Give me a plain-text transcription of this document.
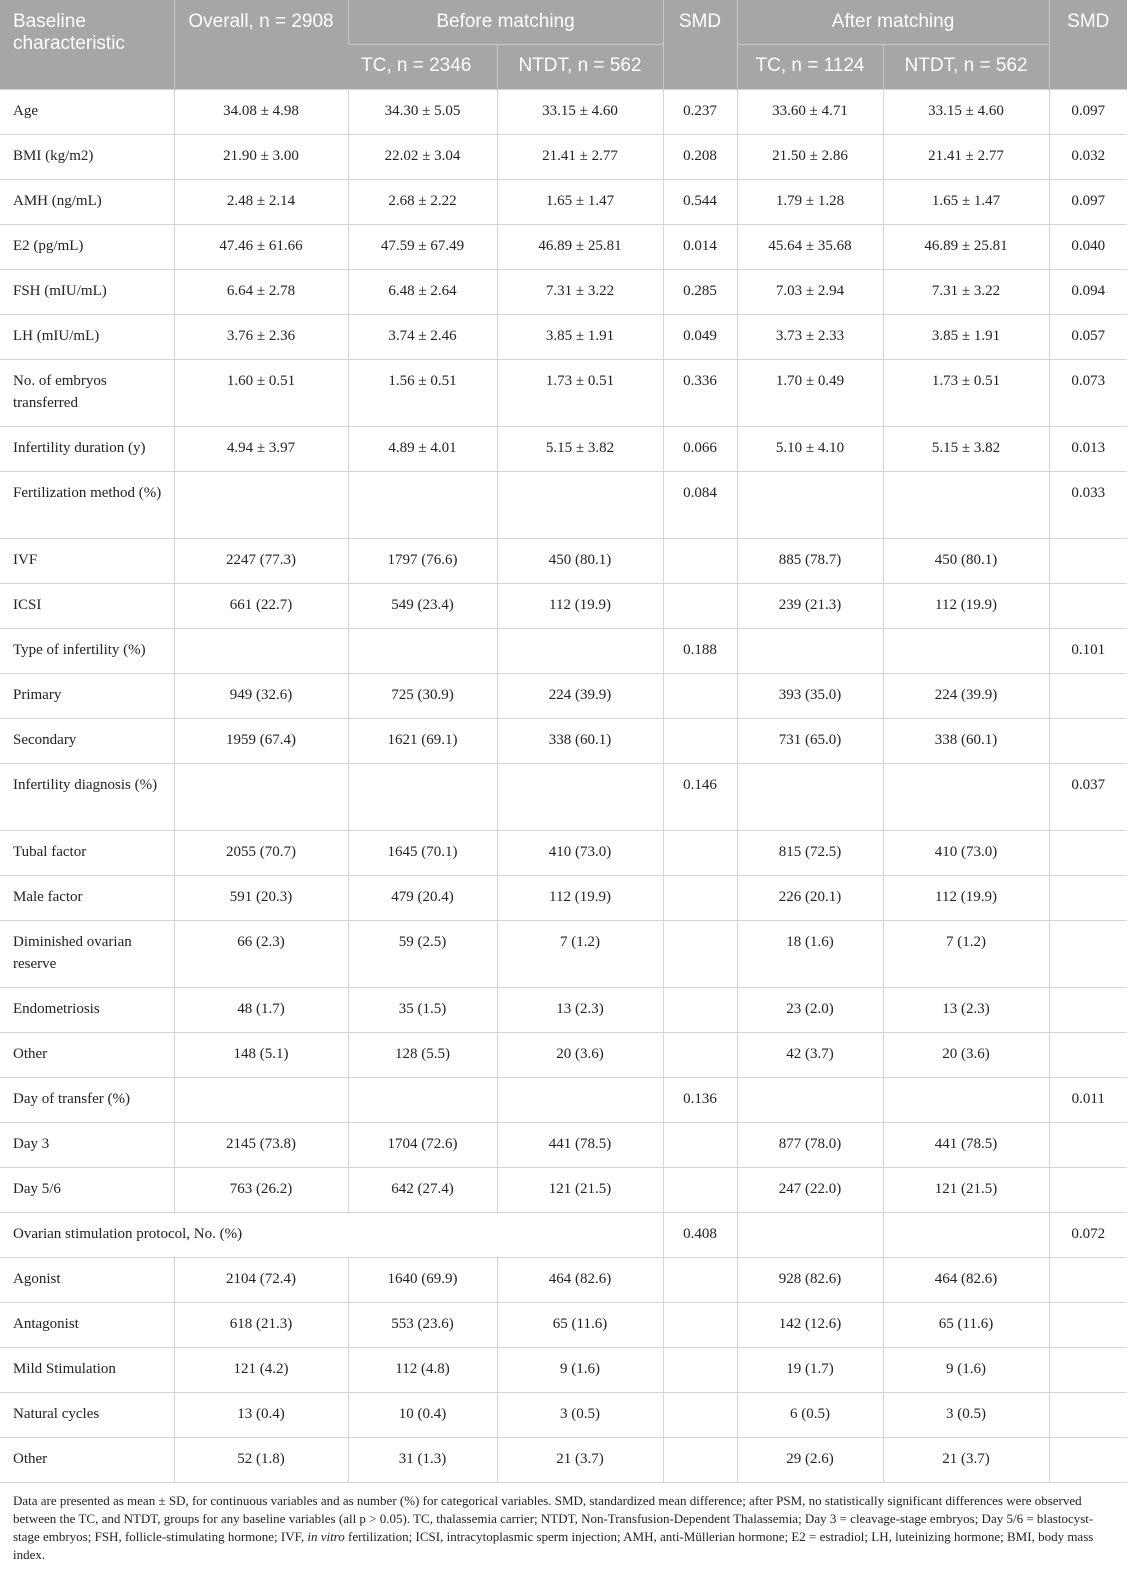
Baseline characteristic	Overall, n = 2908	Before matching		SMD	After matching		SMD
		TC, n = 2346	NTDT, n = 562		TC, n = 1124	NTDT, n = 562	
Age	34.08 ± 4.98	34.30 ± 5.05	33.15 ± 4.60	0.237	33.60 ± 4.71	33.15 ± 4.60	0.097
BMI (kg/m2)	21.90 ± 3.00	22.02 ± 3.04	21.41 ± 2.77	0.208	21.50 ± 2.86	21.41 ± 2.77	0.032
AMH (ng/mL)	2.48 ± 2.14	2.68 ± 2.22	1.65 ± 1.47	0.544	1.79 ± 1.28	1.65 ± 1.47	0.097
E2 (pg/mL)	47.46 ± 61.66	47.59 ± 67.49	46.89 ± 25.81	0.014	45.64 ± 35.68	46.89 ± 25.81	0.040
FSH (mIU/mL)	6.64 ± 2.78	6.48 ± 2.64	7.31 ± 3.22	0.285	7.03 ± 2.94	7.31 ± 3.22	0.094
LH (mIU/mL)	3.76 ± 2.36	3.74 ± 2.46	3.85 ± 1.91	0.049	3.73 ± 2.33	3.85 ± 1.91	0.057
No. of embryos transferred	1.60 ± 0.51	1.56 ± 0.51	1.73 ± 0.51	0.336	1.70 ± 0.49	1.73 ± 0.51	0.073
Infertility duration (y)	4.94 ± 3.97	4.89 ± 4.01	5.15 ± 3.82	0.066	5.10 ± 4.10	5.15 ± 3.82	0.013
Fertilization method (%)				0.084			0.033
IVF	2247 (77.3)	1797 (76.6)	450 (80.1)		885 (78.7)	450 (80.1)	
ICSI	661 (22.7)	549 (23.4)	112 (19.9)		239 (21.3)	112 (19.9)	
Type of infertility (%)				0.188			0.101
Primary	949 (32.6)	725 (30.9)	224 (39.9)		393 (35.0)	224 (39.9)	
Secondary	1959 (67.4)	1621 (69.1)	338 (60.1)		731 (65.0)	338 (60.1)	
Infertility diagnosis (%)				0.146			0.037
Tubal factor	2055 (70.7)	1645 (70.1)	410 (73.0)		815 (72.5)	410 (73.0)	
Male factor	591 (20.3)	479 (20.4)	112 (19.9)		226 (20.1)	112 (19.9)	
Diminished ovarian reserve	66 (2.3)	59 (2.5)	7 (1.2)		18 (1.6)	7 (1.2)	
Endometriosis	48 (1.7)	35 (1.5)	13 (2.3)		23 (2.0)	13 (2.3)	
Other	148 (5.1)	128 (5.5)	20 (3.6)		42 (3.7)	20 (3.6)	
Day of transfer (%)				0.136			0.011
Day 3	2145 (73.8)	1704 (72.6)	441 (78.5)		877 (78.0)	441 (78.5)	
Day 5/6	763 (26.2)	642 (27.4)	121 (21.5)		247 (22.0)	121 (21.5)	
Ovarian stimulation protocol, No. (%)				0.408			0.072
Agonist	2104 (72.4)	1640 (69.9)	464 (82.6)		928 (82.6)	464 (82.6)	
Antagonist	618 (21.3)	553 (23.6)	65 (11.6)		142 (12.6)	65 (11.6)	
Mild Stimulation	121 (4.2)	112 (4.8)	9 (1.6)		19 (1.7)	9 (1.6)	
Natural cycles	13 (0.4)	10 (0.4)	3 (0.5)		6 (0.5)	3 (0.5)	
Other	52 (1.8)	31 (1.3)	21 (3.7)		29 (2.6)	21 (3.7)	
Data are presented as mean ± SD, for continuous variables and as number (%) for categorical variables. SMD, standardized mean difference; after PSM, no statistically significant differences were observed between the TC, and NTDT, groups for any baseline variables (all p > 0.05). TC, thalassemia carrier; NTDT, Non-Transfusion-Dependent Thalassemia; Day 3 = cleavage-stage embryos; Day 5/6 = blastocyst-stage embryos; FSH, follicle-stimulating hormone; IVF, in vitro fertilization; ICSI, intracytoplasmic sperm injection; AMH, anti-Müllerian hormone; E2 = estradiol; LH, luteinizing hormone; BMI, body mass index.
